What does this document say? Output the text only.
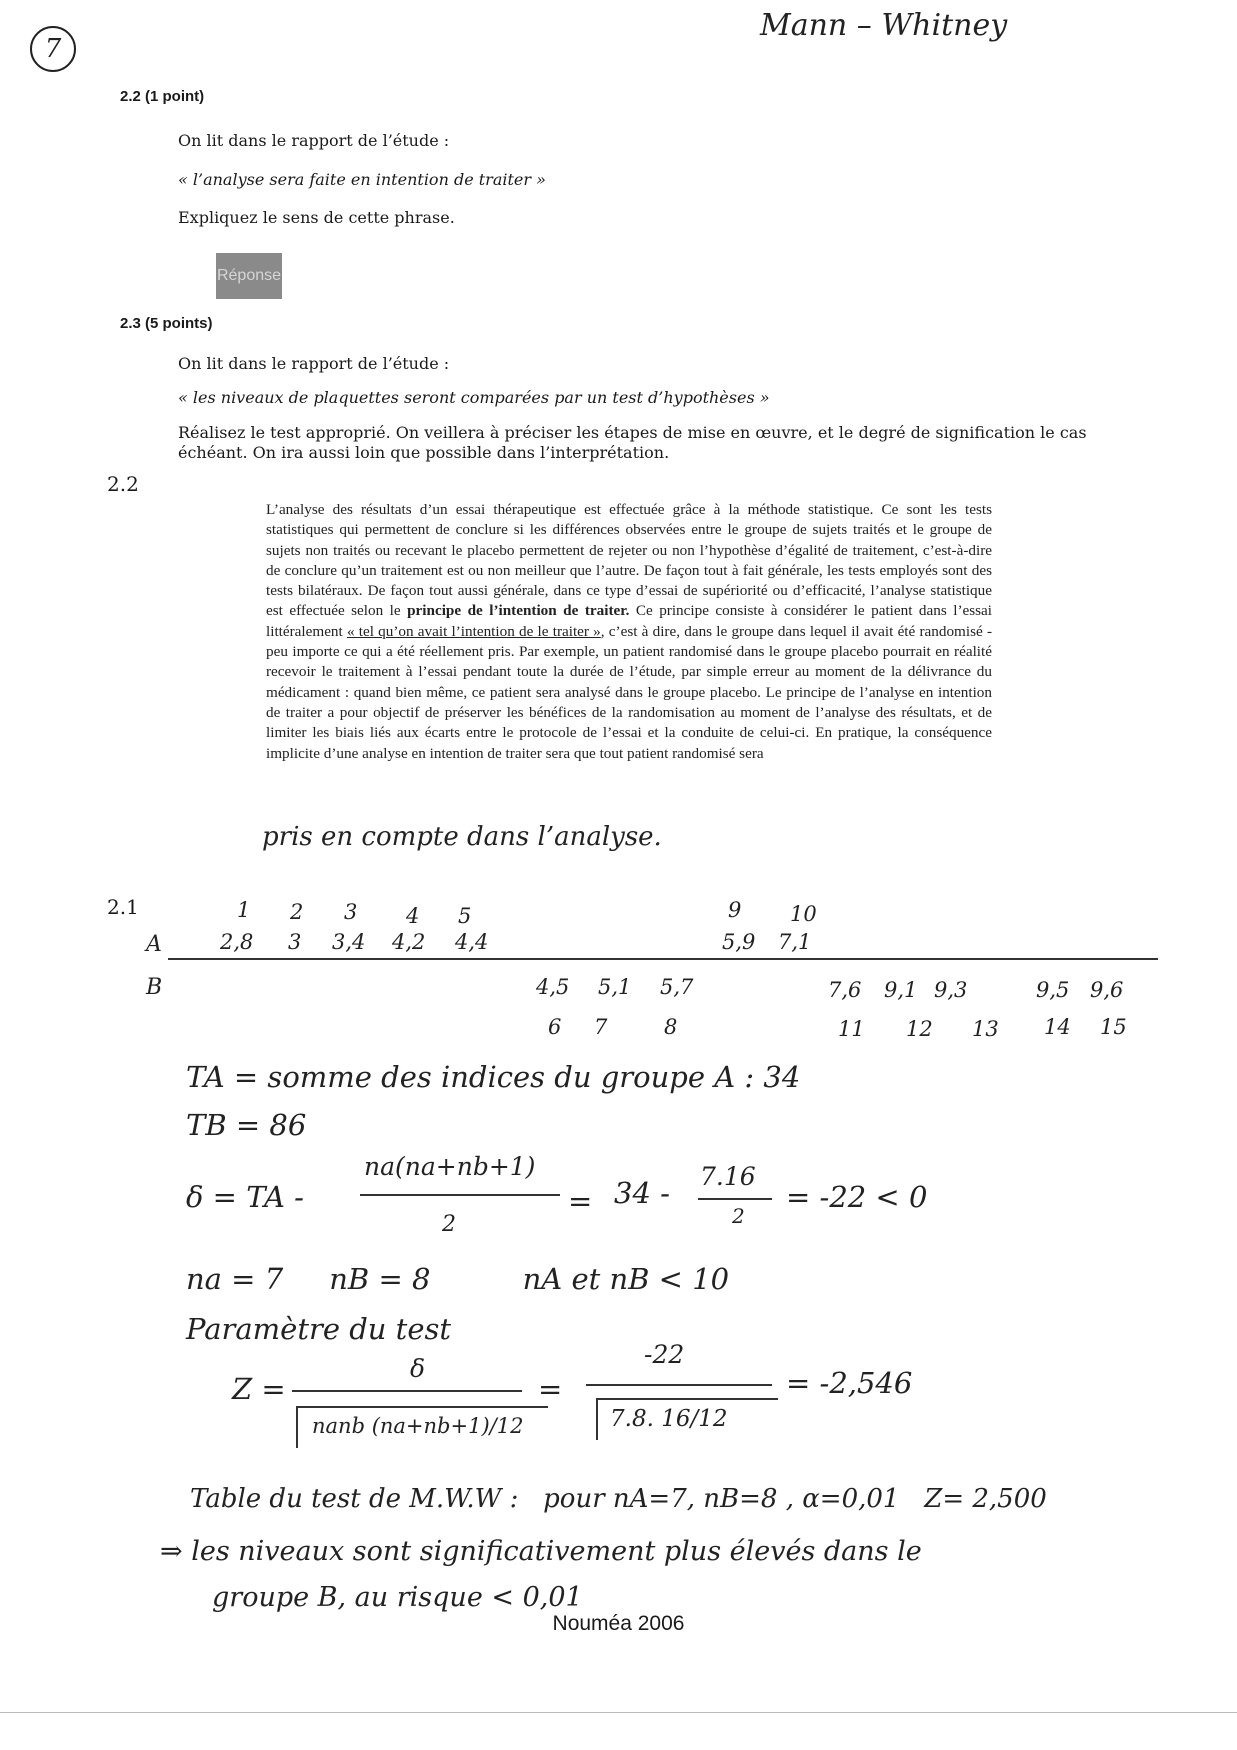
7
Mann – Whitney
2.2 (1 point)
On lit dans le rapport de l’étude :
« l’analyse sera faite en intention de traiter »
Expliquez le sens de cette phrase.
Réponse
2.3 (5 points)
On lit dans le rapport de l’étude :
« les niveaux de plaquettes seront comparées par un test d’hypothèses »
Réalisez le test approprié. On veillera à préciser les étapes de mise en œuvre, et le degré de signification le cas
échéant. On ira aussi loin que possible dans l’interprétation.
2.2
L’analyse des résultats d’un essai thérapeutique est effectuée grâce à la méthode statistique. Ce sont les tests statistiques qui permettent de conclure si les différences observées entre le groupe de sujets traités et le groupe de sujets non traités ou recevant le placebo permettent de rejeter ou non l’hypothèse d’égalité de traitement, c’est-à-dire de conclure qu’un traitement est ou non meilleur que l’autre. De façon tout à fait générale, les tests employés sont des tests bilatéraux. De façon tout aussi générale, dans ce type d’essai de supériorité ou d’efficacité, l’analyse statistique est effectuée selon le principe de l’intention de traiter. Ce principe consiste à considérer le patient dans l’essai littéralement « tel qu’on avait l’intention de le traiter », c’est à dire, dans le groupe dans lequel il avait été randomisé - peu importe ce qui a été réellement pris. Par exemple, un patient randomisé dans le groupe placebo pourrait en réalité recevoir le traitement à l’essai pendant toute la durée de l’étude, par simple erreur au moment de la délivrance du médicament : quand bien même, ce patient sera analysé dans le groupe placebo. Le principe de l’analyse en intention de traiter a pour objectif de préserver les bénéfices de la randomisation au moment de l’analyse des résultats, et de limiter les biais liés aux écarts entre le protocole de l’essai et la conduite de celui-ci. En pratique, la conséquence implicite d’une analyse en intention de traiter sera que tout patient randomisé sera
pris en compte dans l’analyse.
2.1
A
B
1
2,8
2
3
3
3,4
4
4,2
5
4,4
9
5,9
10
7,1
4,5
6
5,1
7
5,7
8
7,6
11
9,1
12
9,3
13
9,5
14
9,6
15
TA = somme des indices du groupe A : 34
TB = 86
δ = TA -
na(na+nb+1)
2
= 34 - 7.16
2
= -22 < 0
na = 7     nB = 8          nA et nB < 10
Paramètre du test
Z =
δ
nanb (na+nb+1)/12
=
-22
7.8. 16/12
= -2,546
Table du test de M.W.W :   pour nA=7, nB=8 , α=0,01   Z= 2,500
⇒ les niveaux sont significativement plus élevés dans le
groupe B, au risque < 0,01
Nouméa 2006
